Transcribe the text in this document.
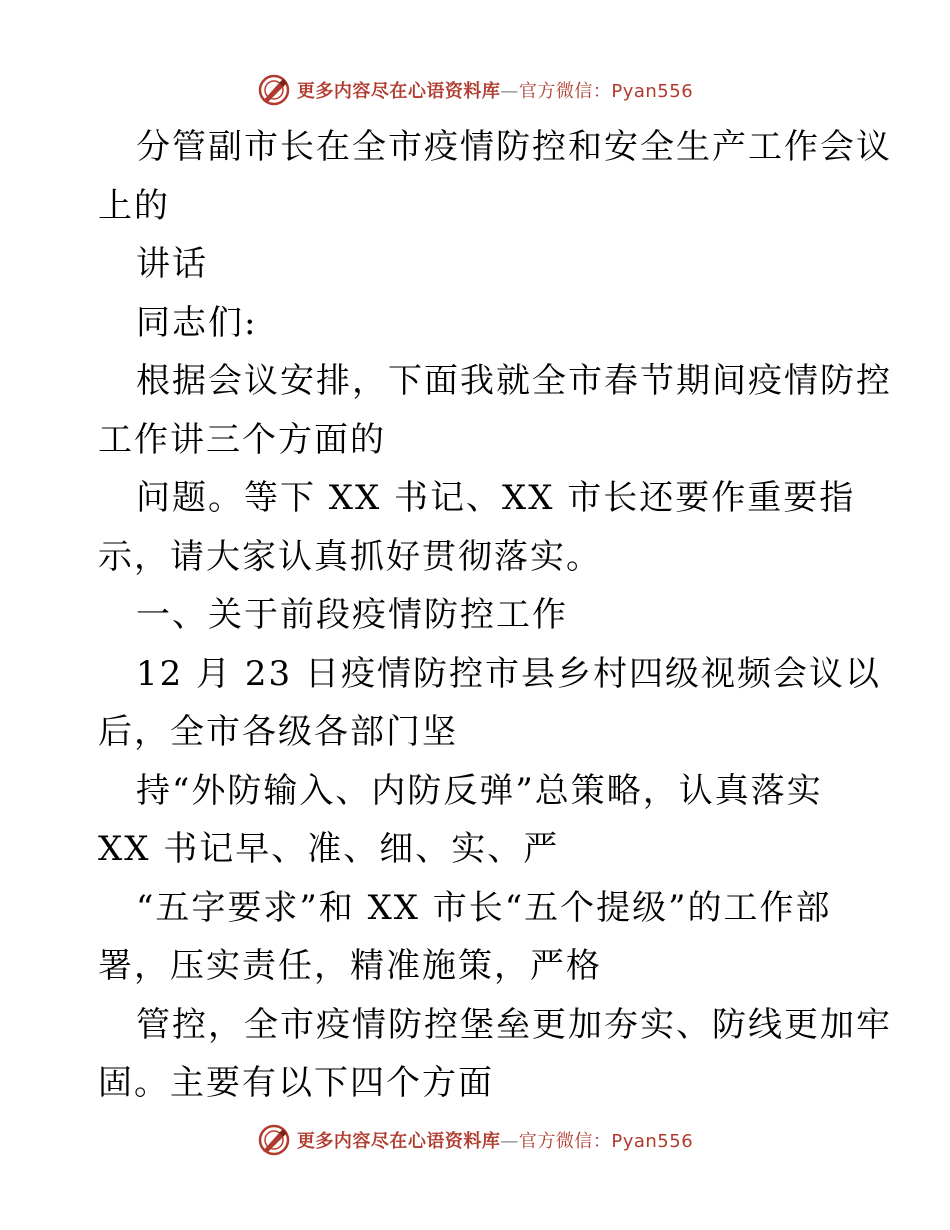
更多内容尽在心语资料库—官方微信：Pyan556
分管副市长在全市疫情防控和安全生产工作会议
上的
讲话
同志们:
根据会议安排，下面我就全市春节期间疫情防控
工作讲三个方面的
问题。等下 XX 书记、XX 市长还要作重要指
示，请大家认真抓好贯彻落实。
一、关于前段疫情防控工作
12 月 23 日疫情防控市县乡村四级视频会议以
后，全市各级各部门坚
持“外防输入、内防反弹”总策略，认真落实
XX 书记早、准、细、实、严
“五字要求”和 XX 市长“五个提级”的工作部
署，压实责任，精准施策，严格
管控，全市疫情防控堡垒更加夯实、防线更加牢
固。主要有以下四个方面
更多内容尽在心语资料库—官方微信：Pyan556
